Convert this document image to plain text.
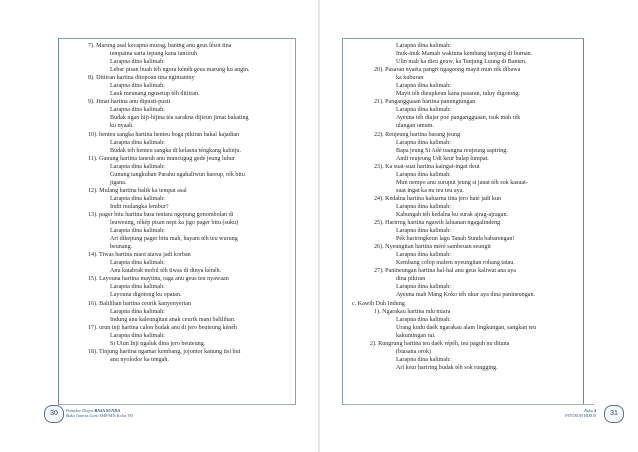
7). Marung asal kecapna murag, bantng anu geus lésot tina
tempatna sarta tepung kana tanceuh
Larapna dina kalimah:
Lebar pisan buah téh ngora kénéh geus marung ku angin.
8). Ditiiran hartina ditopoan tina ngimantuy
Larapna dina kalimah:
Lauk meunang ngusetup téh ditiiran.
9). Jimat hartina anu dipusti-pusti
Larapna dina kalimah:
Budak ngan hiji-hijina téa sarakna dijieun jimat bakating
ku nyaah.
10). henteu sangka hartina henteu boga pikiran bakal kajadian
Larapna dina kalimah:
Budak téh henteu sangka di kelasna téngkang kalinju.
11). Gunung hartina taneuh anu muncugug gedé jeung luhur
Larapna dina kalimah:
Gunung tangkuban Parahu ngahaliwun hareup, rék bitu
jigana.
12). Mulang hartina balik ka tempat asal
Larapna dina kalimah:
Indit mulangka lembur?
13). pager bitu hartina basa tentara ngepung gonombolan di
leuweung, rékép pisan nepi ka jigo pager bitu (suku)
Larapna dina kalimah:
Ari dikepung pager bitu mah, hayam téh teu wurung
beunang.
14). Tiwas hartina maot atawa jadi korban
Larapna dina kalimah:
Anu katabrak mobil téh tiwas di dinya kénéh.
15). Layouna hartina mayitna, raga anu geus teu nyawaan
Larapna dina kalimah:
Layouna digotong ku opatan.
16). Balilihan hartina ceurik kanyenyerian
Larapna dina kalimah:
Indung anu kaleungitan anak ceurik mani balilihan.
17). urun inji hartina calon budak anu di jero beuteung kénéh
Larapna dina kalimah:
Si Utun Inji ngaluk dina jero beuteung.
18). Tinjung hartina ngamar kembang, jojontor kanung tisi but
anu nyolodor ka tengah.
30	Pamekar Diajar BASA SUNDA
Buku Tuturus Guru SMP/MTs Kelas VII
Larapna dina kalimah:
Inuk-inuk Mamah waktuna kembang tanjung di burnan.
Ulin mah ka dieu geuw, ka Tanjung Luung di Banten.
20). Pasaran nyaéta pangri ngagoong mayit mun rék dibawa
ka kuburan
Larapna dina kalimah:
Mayit téh dieupkeun kana pasaran, tuluy digotong.
21). Pangangguaan hartina panungtungan
Larapna dina kalimah:
Ayeuna téh diajar poé pangangguaan, isuk mah rék
ulangan umum.
22). Reujeung hartina barang jeung
Larapna dina kalimah:
Bapa jeung Si Adé tuangna reujeung sapiring.
Andi reujeung Udi keur balap lumpat.
23). Ka suat-suat hartina kaingat-ingat deui
Larapna dina kalimah:
Mun nempo anu suruput jeung si janat téh sok kasuat-
suat ingat ka nu teu teu aya.
24). Kedalna hartina kaluarna tina jero haté jadi kun
Larapna dina kalimah:
Kabungah téh kedalna ku surak ajrag-ajragan.
25). Harirmg hartina ngawih laluanan ngagalindeng
Larapna dina kalimah:
Pék hariringkeun lagu Tanah Sunda babarengan!
26). Nyeungitan hartina mérè sambeuan seungit
Larapna dina kalimah:
Kembang colop malem nyeungitan rohang tatau.
27). Panineungan hartina hal-hal anu geus kaliwat ana aya
dina pikiran
Larapna dina kalimah:
Ayeuna mah Mang Koko téh ukur aya dina panineungan.
c. Kawih Duh Indung
1). Ngarakau hartina ndu miara
Larapna dina kalimah:
Urang kudu daék ngarakau alam lingkungan, sangkan teu
kakumingan rai.
2). Rungrung hartina teu daék répéh, teu paguh nu dituna
(biasana orok)
Larapna dina kalimah:
Ari keur hariring budak téh sok rungging.
Buku 4
PITURUH HIRUS	31
